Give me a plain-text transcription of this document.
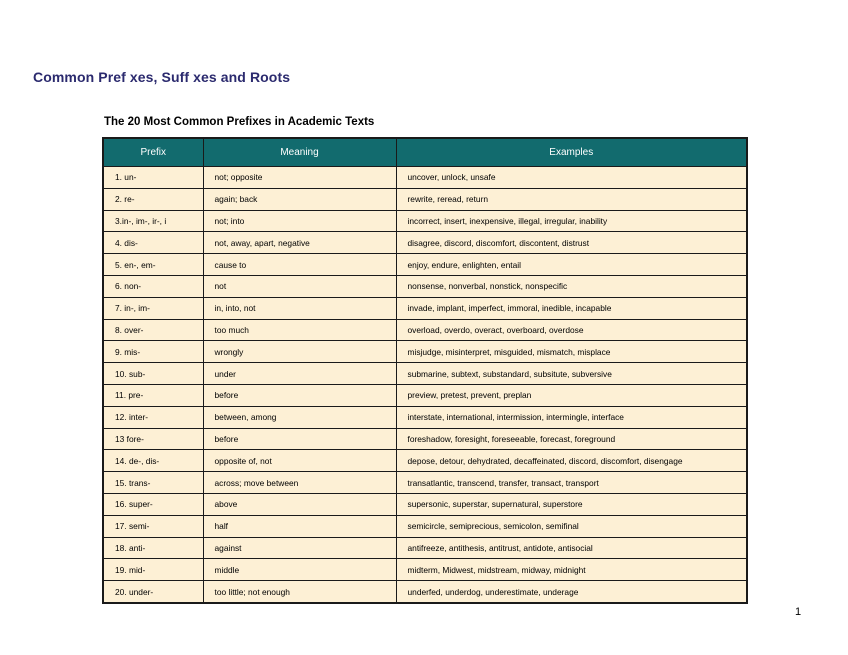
Common Pref xes, Suff xes and Roots
The 20 Most Common Prefixes in Academic Texts
Prefix	Meaning	Examples
1. un-	not; opposite	uncover, unlock, unsafe
2. re-	again; back	rewrite, reread, return
3.in-, im-, ir-, i	not; into	incorrect, insert, inexpensive, illegal, irregular, inability
4. dis-	not, away, apart, negative	disagree, discord, discomfort, discontent, distrust
5. en-, em-	cause to	enjoy, endure, enlighten, entail
6. non-	not	nonsense, nonverbal, nonstick, nonspecific
7. in-, im-	in, into, not	invade, implant, imperfect, immoral, inedible, incapable
8. over-	too much	overload, overdo, overact, overboard, overdose
9. mis-	wrongly	misjudge, misinterpret, misguided, mismatch, misplace
10. sub-	under	submarine, subtext, substandard, subsitute, subversive
11. pre-	before	preview, pretest, prevent, preplan
12. inter-	between, among	interstate, international, intermission, intermingle, interface
13 fore-	before	foreshadow, foresight, foreseeable, forecast, foreground
14. de-, dis-	opposite of, not	depose, detour, dehydrated, decaffeinated, discord, discomfort, disengage
15. trans-	across; move between	transatlantic, transcend, transfer, transact, transport
16. super-	above	supersonic, superstar, supernatural, superstore
17. semi-	half	semicircle, semiprecious, semicolon, semifinal
18. anti-	against	antifreeze, antithesis, antitrust, antidote, antisocial
19. mid-	middle	midterm, Midwest, midstream, midway, midnight
20. under-	too little; not enough	underfed, underdog, underestimate, underage
1
